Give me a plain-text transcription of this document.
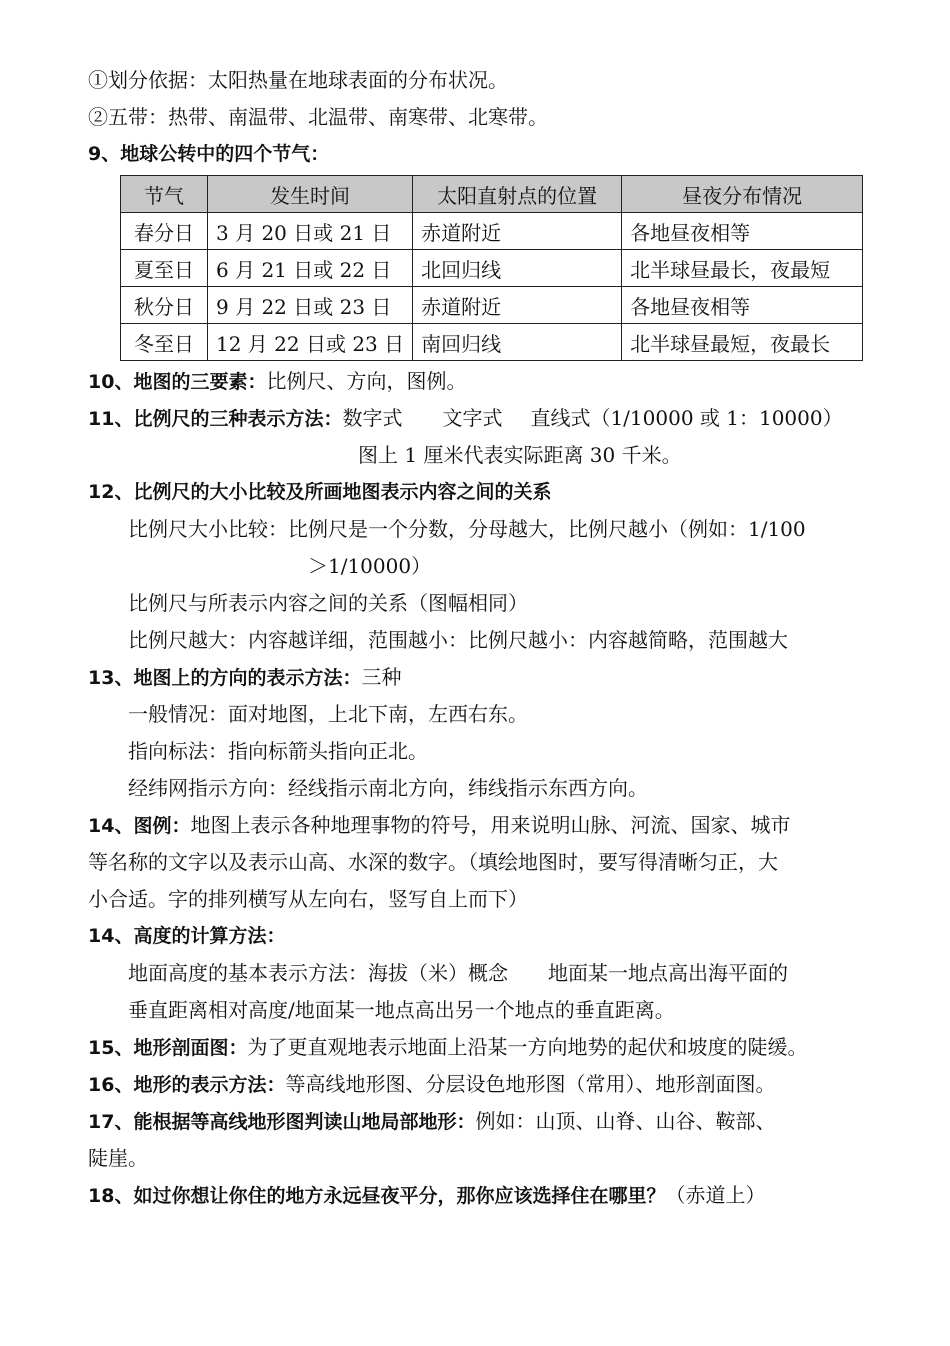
①划分依据：太阳热量在地球表面的分布状况。
②五带：热带、南温带、北温带、南寒带、北寒带。
9、地球公转中的四个节气：
节气	发生时间	太阳直射点的位置	昼夜分布情况
春分日	3 月 20 日或 21 日	赤道附近	各地昼夜相等
夏至日	6 月 21 日或 22 日	北回归线	北半球昼最长，夜最短
秋分日	9 月 22 日或 23 日	赤道附近	各地昼夜相等
冬至日	12 月 22 日或 23 日	南回归线	北半球昼最短，夜最长
10、地图的三要素：比例尺、方向，图例。
11、比例尺的三种表示方法：数字式 文字式 直线式（1/10000 或 1：10000）
图上 1 厘米代表实际距离 30 千米。
12、比例尺的大小比较及所画地图表示内容之间的关系
比例尺大小比较：比例尺是一个分数，分母越大，比例尺越小（例如：1/100
＞1/10000）
比例尺与所表示内容之间的关系（图幅相同）
比例尺越大：内容越详细，范围越小：比例尺越小：内容越简略，范围越大
13、地图上的方向的表示方法：三种
一般情况：面对地图，上北下南，左西右东。
指向标法：指向标箭头指向正北。
经纬网指示方向：经线指示南北方向，纬线指示东西方向。
14、图例：地图上表示各种地理事物的符号，用来说明山脉、河流、国家、城市
等名称的文字以及表示山高、水深的数字。（填绘地图时，要写得清晰匀正，大
小合适。字的排列横写从左向右，竖写自上而下）
14、高度的计算方法：
地面高度的基本表示方法：海拔（米）概念 地面某一地点高出海平面的
垂直距离相对高度/地面某一地点高出另一个地点的垂直距离。
15、地形剖面图：为了更直观地表示地面上沿某一方向地势的起伏和坡度的陡缓。
16、地形的表示方法：等高线地形图、分层设色地形图（常用）、地形剖面图。
17、能根据等高线地形图判读山地局部地形：例如：山顶、山脊、山谷、鞍部、
陡崖。
18、如过你想让你住的地方永远昼夜平分，那你应该选择住在哪里？（赤道上）
